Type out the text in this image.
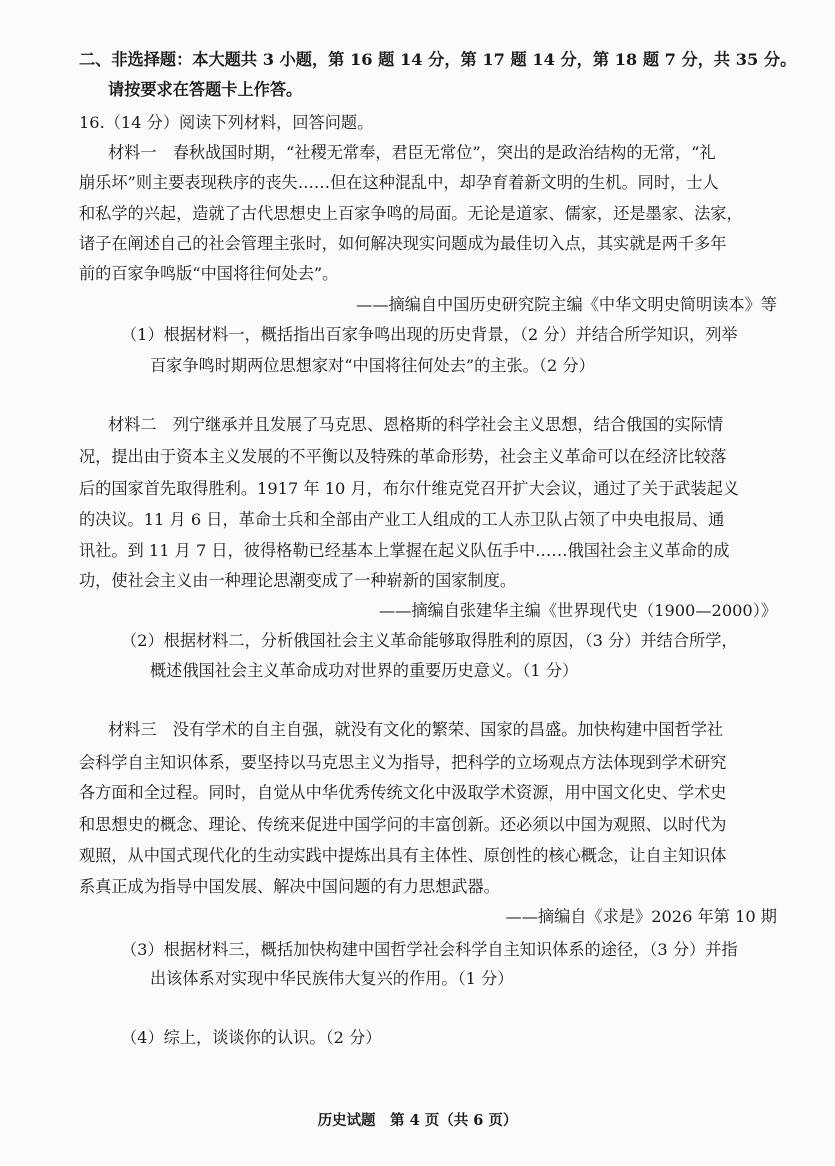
二、非选择题：本大题共 3 小题，第 16 题 14 分，第 17 题 14 分，第 18 题 7 分，共 35 分。
请按要求在答题卡上作答。
16.（14 分）阅读下列材料，回答问题。
材料一　春秋战国时期，“社稷无常奉，君臣无常位”，突出的是政治结构的无常，“礼
崩乐坏”则主要表现秩序的丧失……但在这种混乱中，却孕育着新文明的生机。同时，士人
和私学的兴起，造就了古代思想史上百家争鸣的局面。无论是道家、儒家，还是墨家、法家，
诸子在阐述自己的社会管理主张时，如何解决现实问题成为最佳切入点，其实就是两千多年
前的百家争鸣版“中国将往何处去”。
——摘编自中国历史研究院主编《中华文明史简明读本》等
（1）根据材料一，概括指出百家争鸣出现的历史背景，（2 分）并结合所学知识，列举
百家争鸣时期两位思想家对“中国将往何处去”的主张。（2 分）
材料二　列宁继承并且发展了马克思、恩格斯的科学社会主义思想，结合俄国的实际情
况，提出由于资本主义发展的不平衡以及特殊的革命形势，社会主义革命可以在经济比较落
后的国家首先取得胜利。1917 年 10 月，布尔什维克党召开扩大会议，通过了关于武装起义
的决议。11 月 6 日，革命士兵和全部由产业工人组成的工人赤卫队占领了中央电报局、通
讯社。到 11 月 7 日，彼得格勒已经基本上掌握在起义队伍手中……俄国社会主义革命的成
功，使社会主义由一种理论思潮变成了一种崭新的国家制度。
——摘编自张建华主编《世界现代史（1900—2000）》
（2）根据材料二，分析俄国社会主义革命能够取得胜利的原因，（3 分）并结合所学，
概述俄国社会主义革命成功对世界的重要历史意义。（1 分）
材料三　没有学术的自主自强，就没有文化的繁荣、国家的昌盛。加快构建中国哲学社
会科学自主知识体系，要坚持以马克思主义为指导，把科学的立场观点方法体现到学术研究
各方面和全过程。同时，自觉从中华优秀传统文化中汲取学术资源，用中国文化史、学术史
和思想史的概念、理论、传统来促进中国学问的丰富创新。还必须以中国为观照、以时代为
观照，从中国式现代化的生动实践中提炼出具有主体性、原创性的核心概念，让自主知识体
系真正成为指导中国发展、解决中国问题的有力思想武器。
——摘编自《求是》2026 年第 10 期
（3）根据材料三，概括加快构建中国哲学社会科学自主知识体系的途径，（3 分）并指
出该体系对实现中华民族伟大复兴的作用。（1 分）
（4）综上，谈谈你的认识。（2 分）
历史试题　第 4 页（共 6 页）
